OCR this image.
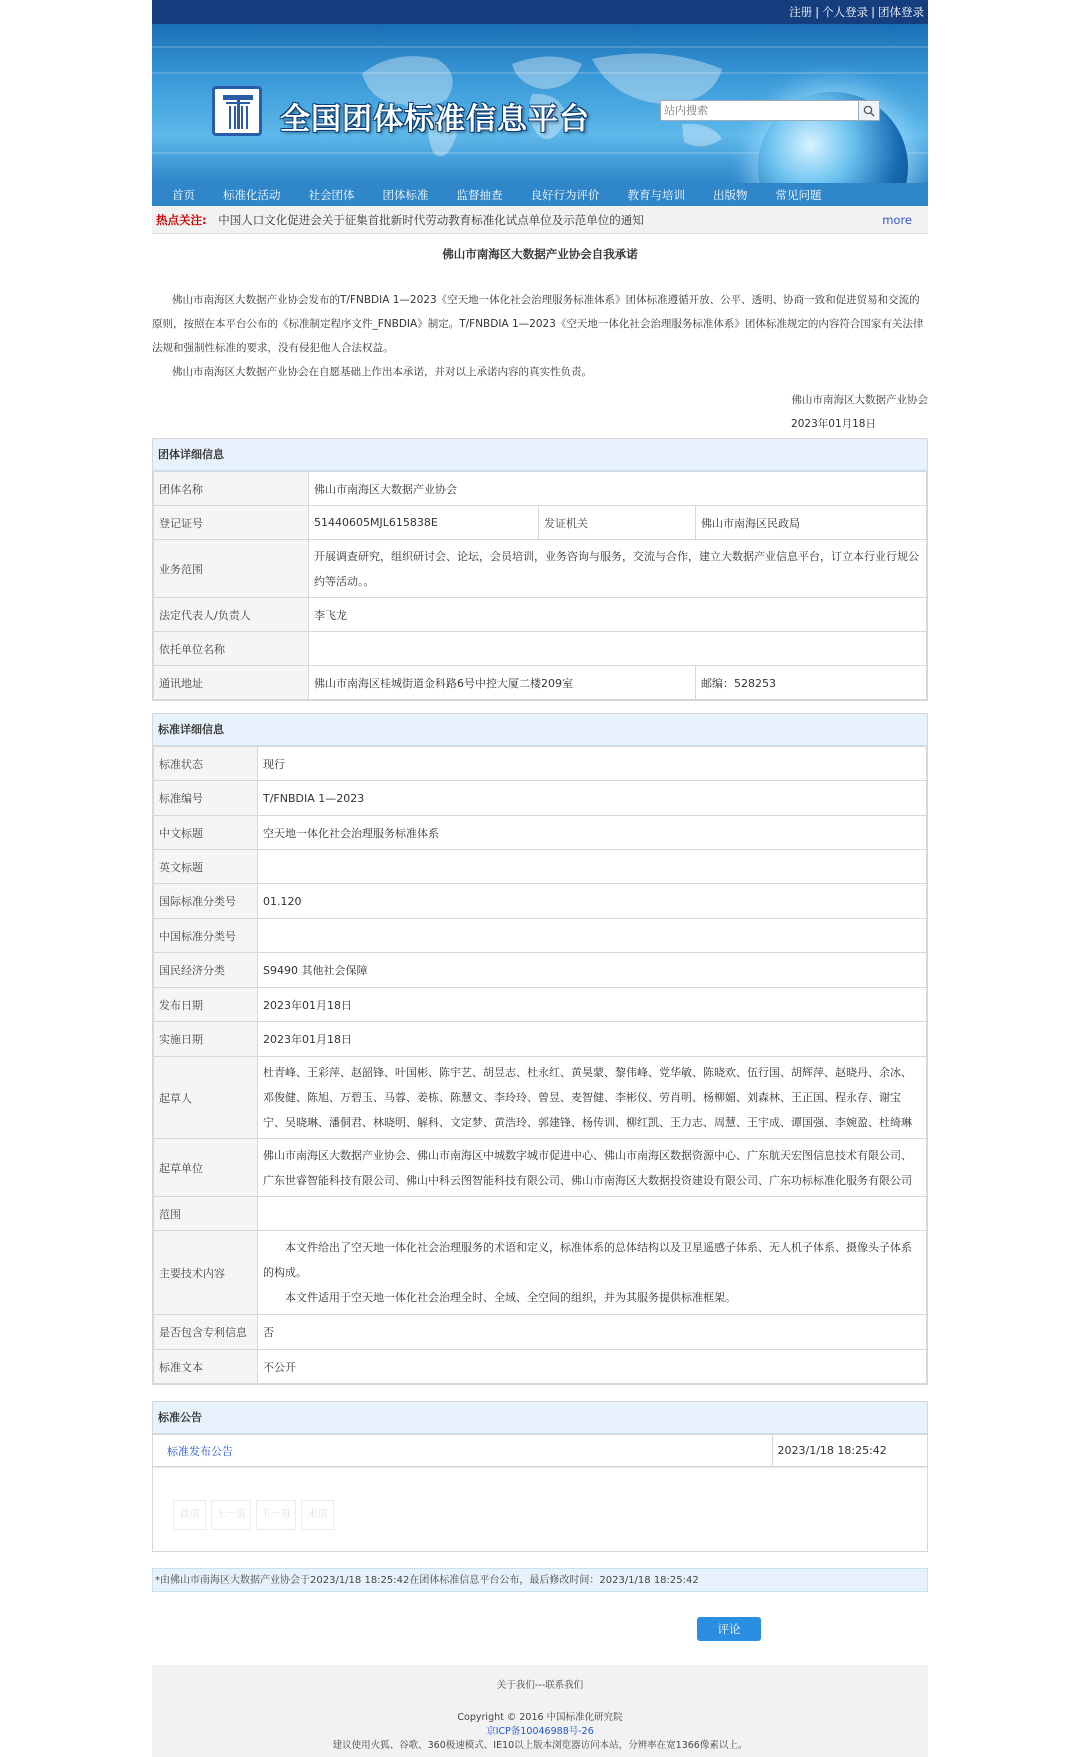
注册 | 个人登录 | 团体登录
全国团体标准信息平台
站内搜索
首页	标准化活动	社会团体	团体标准	监督抽查	良好行为评价	教育与培训	出版物	常见问题
热点关注: 中国人口文化促进会关于征集首批新时代劳动教育标准化试点单位及示范单位的通知	more
佛山市南海区大数据产业协会自我承诺

佛山市南海区大数据产业协会发布的T/FNBDIA 1—2023《空天地一体化社会治理服务标准体系》团体标准遵循开放、公平、透明、协商一致和促进贸易和交流的原则，按照在本平台公布的《标准制定程序文件_FNBDIA》制定。T/FNBDIA 1—2023《空天地一体化社会治理服务标准体系》团体标准规定的内容符合国家有关法律法规和强制性标准的要求，没有侵犯他人合法权益。

佛山市南海区大数据产业协会在自愿基础上作出本承诺，并对以上承诺内容的真实性负责。

佛山市南海区大数据产业协会
2023年01月18日
团体详细信息
团体名称	佛山市南海区大数据产业协会		
登记证号	51440605MJL615838E	发证机关	佛山市南海区民政局
业务范围	开展调查研究，组织研讨会、论坛，会员培训，业务咨询与服务，交流与合作，建立大数据产业信息平台，订立本行业行规公约等活动。。		
法定代表人/负责人	李飞龙		
依托单位名称			
通讯地址	佛山市南海区桂城街道金科路6号中控大厦二楼209室		邮编：528253
标准详细信息
标准状态	现行
标准编号	T/FNBDIA 1—2023
中文标题	空天地一体化社会治理服务标准体系
英文标题	
国际标准分类号	01.120
中国标准分类号	
国民经济分类	S9490 其他社会保障
发布日期	2023年01月18日
实施日期	2023年01月18日
起草人	杜青峰、王彩萍、赵韶锋、叶国彬、陈宇艺、胡昱志、杜永红、黄昊蒙、黎伟峰、党华敏、陈晓欢、伍行国、胡辉萍、赵晓丹、余冰、邓俊健、陈旭、万碧玉、马蓉、姜栋、陈慧文、李玲玲、曾昱、麦智健、李彬仪、劳肖明、杨柳媚、刘森林、王正国、程永存、谢宝宁、吴晓琳、潘侗君、林晓明、解科、文定梦、黄浩玲、郭建锋、杨传训、柳红凯、王力志、周慧、王宇成、谭国强、李婉盈、杜绮琳
起草单位	佛山市南海区大数据产业协会、佛山市南海区中城数字城市促进中心、佛山市南海区数据资源中心、广东航天宏图信息技术有限公司、广东世睿智能科技有限公司、佛山中科云图智能科技有限公司、佛山市南海区大数据投资建设有限公司、广东功标标准化服务有限公司
范围	
主要技术内容	本文件给出了空天地一体化社会治理服务的术语和定义，标准体系的总体结构以及卫星遥感子体系、无人机子体系、摄像头子体系的构成。

本文件适用于空天地一体化社会治理全时、全域、全空间的组织，并为其服务提供标准框架。

是否包含专利信息	否
标准文本	不公开
标准公告
标准发布公告	2023/1/18 18:25:42
首页	上一页	下一页	末页
*由佛山市南海区大数据产业协会于2023/1/18 18:25:42在团体标准信息平台公布，最后修改时间：2023/1/18 18:25:42
评论
关于我们---联系我们
Copyright © 2016 中国标准化研究院
京ICP备10046988号-26
建议使用火狐、谷歌、360极速模式、IE10以上版本浏览器访问本站，分辨率在宽1366像素以上。
